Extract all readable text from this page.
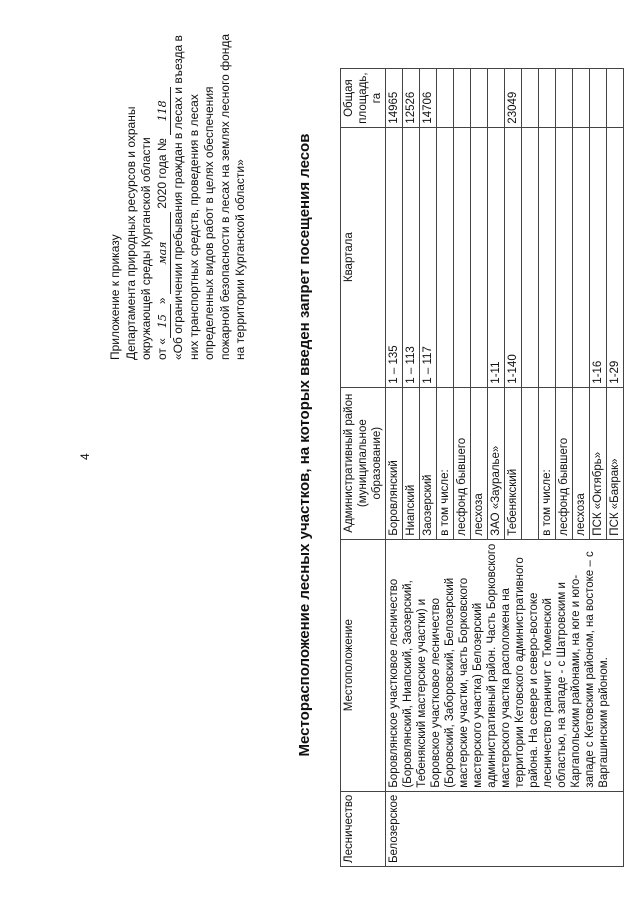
4
Приложение к приказу Департамента природных ресурсов и охраны окружающей среды Курганской области от «15» мая 2020 года № 118 «Об ограничении пребывания граждан в лесах и въезда в них транспортных средств, проведения в лесах определенных видов работ в целях обеспечения пожарной безопасности в лесах на землях лесного фонда на территории Курганской области»	Месторасположение лесных участков, на которых введен запрет посещения лесов
Лесничество	Местоположение	Административный район (муниципальное образование)	Квартала	Общая площадь, га
Белозерское	Боровлянское участковое лесничество (Боровлянский, Ниапский, Заозерский, Тебенякский мастерские участки) и Боровское участковое лесничество (Боровский, Заборовский, Белозерский мастерские участки, часть Борковского мастерского участка) Белозерский административный район. Часть Борковского мастерского участка расположена на территории Кетовского административного района. На севере и северо-востоке лесничество граничит с Тюменской областью, на западе - с Шатровским и Каргапольским районами, на юге и юго-западе с Кетовским районом, на востоке – с Варгашинским районом.	Боровлянский	1 – 135	14965
		Ниапский	1 – 113	12526
		Заозерский	1 – 117	14706
		в том числе:	

		лесфонд бывшего	

		лесхоза	

		ЗАО «Зауралье»	1-11	

		Тебенякский	1-140	23049

		в том числе:	

		лесфонд бывшего	

		лесхоза	

		ПСК «Октябрь»	1-16	

		ПСК «Баярак»	1-29	
